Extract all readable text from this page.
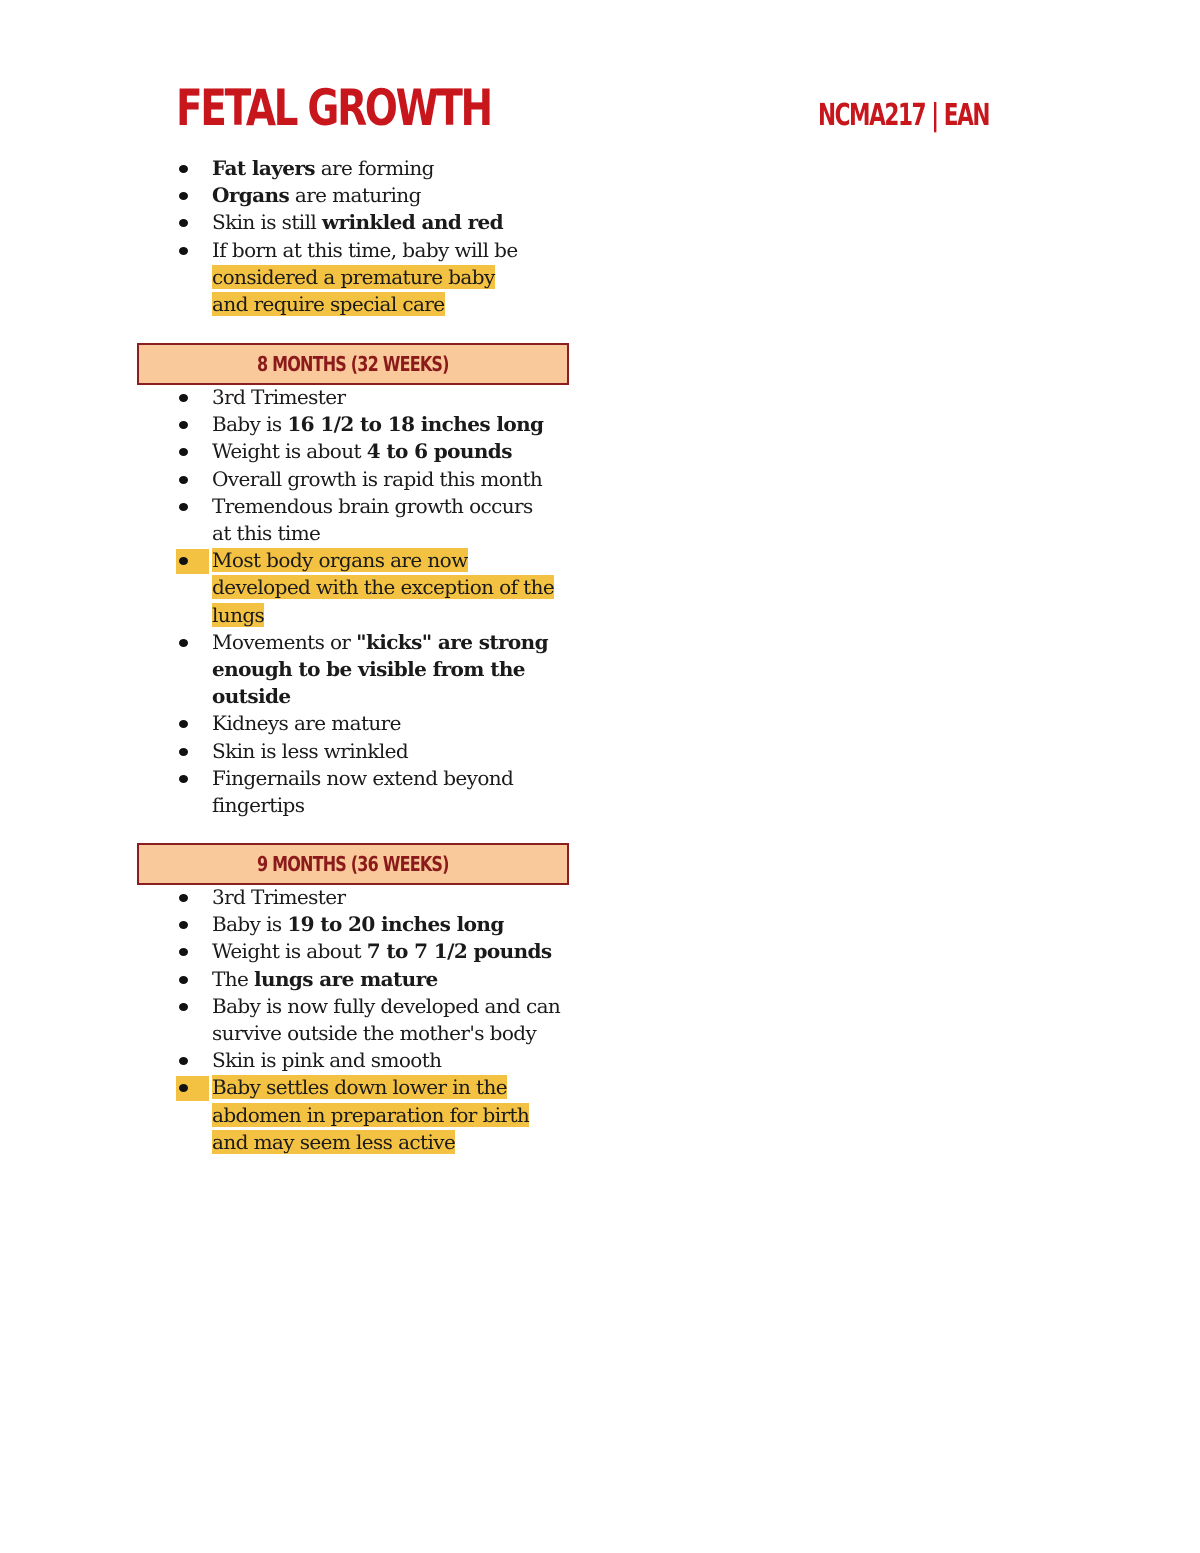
FETAL GROWTH	NCMA217 | EAN
Fat layers are forming
Organs are maturing
Skin is still wrinkled and red
If born at this time, baby will be considered a premature baby and require special care
8 MONTHS (32 WEEKS)
3rd Trimester
Baby is 16 1/2 to 18 inches long
Weight is about 4 to 6 pounds
Overall growth is rapid this month
Tremendous brain growth occurs at this time
Most body organs are now developed with the exception of the lungs
Movements or "kicks" are strong enough to be visible from the outside
Kidneys are mature
Skin is less wrinkled
Fingernails now extend beyond fingertips
9 MONTHS (36 WEEKS)
3rd Trimester
Baby is 19 to 20 inches long
Weight is about 7 to 7 1/2 pounds
The lungs are mature
Baby is now fully developed and can survive outside the mother's body
Skin is pink and smooth
Baby settles down lower in the abdomen in preparation for birth and may seem less active
